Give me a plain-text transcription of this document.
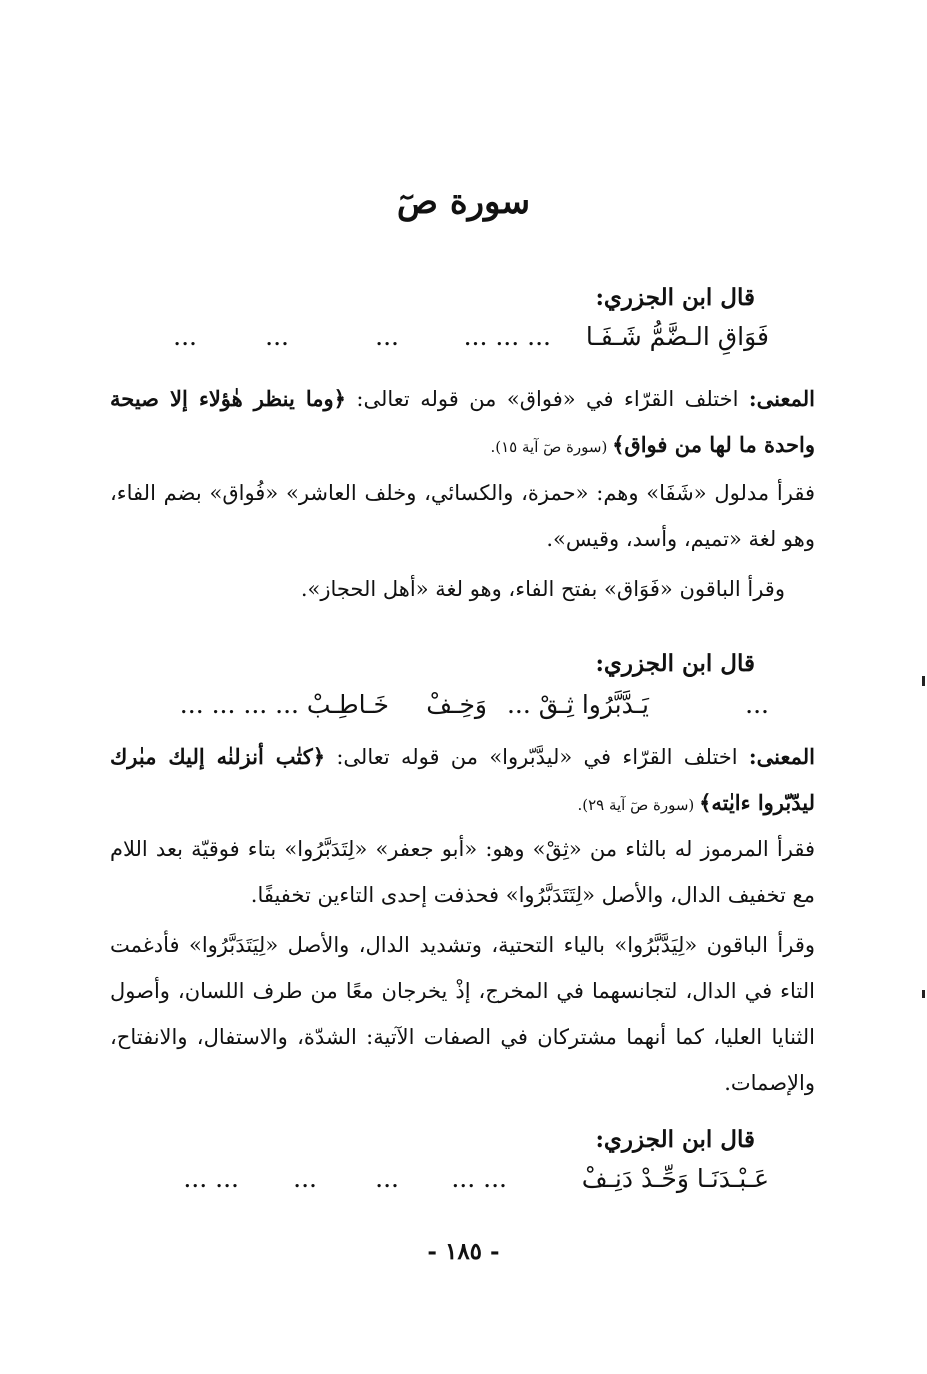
سورة صٓ
قال ابن الجزري:
فَوَاقِ الـضَّمُّ شَـفَـا
... ... ...
...
...
...
المعنى: اختلف القرّاء في «فواق» من قوله تعالى: ﴿وما ينظر هٰؤلاء إلا صيحة واحدة ما لها من فواق﴾ (سورة صٓ آية ١٥).
فقرأ مدلول «شَفَا» وهم: «حمزة، والكسائي، وخلف العاشر» «فُواق» بضم الفاء، وهو لغة «تميم، وأسد، وقيس».
وقرأ الباقون «فَوَاق» بفتح الفاء، وهو لغة «أهل الحجاز».
قال ابن الجزري:
يَـدَّبَّرُوا ثِـقْ ...
وَخِـفْ
خَـاطِـبْ	...
... ... ... ...
المعنى: اختلف القرّاء في «ليدَّبّروا» من قوله تعالى: ﴿كتٰب أنزلنٰه إليك مبٰرك ليدّبّروا ءايٰته﴾ (سورة صٓ آية ٢٩).
فقرأ المرموز له بالثاء من «ثِقْ» وهو: «أبو جعفر» «لِتَدَبَّرُوا» بتاء فوقيّة بعد اللام مع تخفيف الدال، والأصل «لِتَتَدَبَّرُوا» فحذفت إحدى التاءين تخفيفًا.
وقرأ الباقون «لِيَدَّبَّرُوا» بالياء التحتية، وتشديد الدال، والأصل «لِيَتَدَبَّرُوا» فأدغمت التاء في الدال، لتجانسهما في المخرج، إذْ يخرجان معًا من طرف اللسان، وأصول الثنايا العليا، كما أنهما مشتركان في الصفات الآتية: الشدّة، والاستفال، والانفتاح، والإصمات.
قال ابن الجزري:
عَـبْـدَنَـا وَحِّـدْ دَنِـفْ
... ...
...
...
... ...
- ١٨٥ -
